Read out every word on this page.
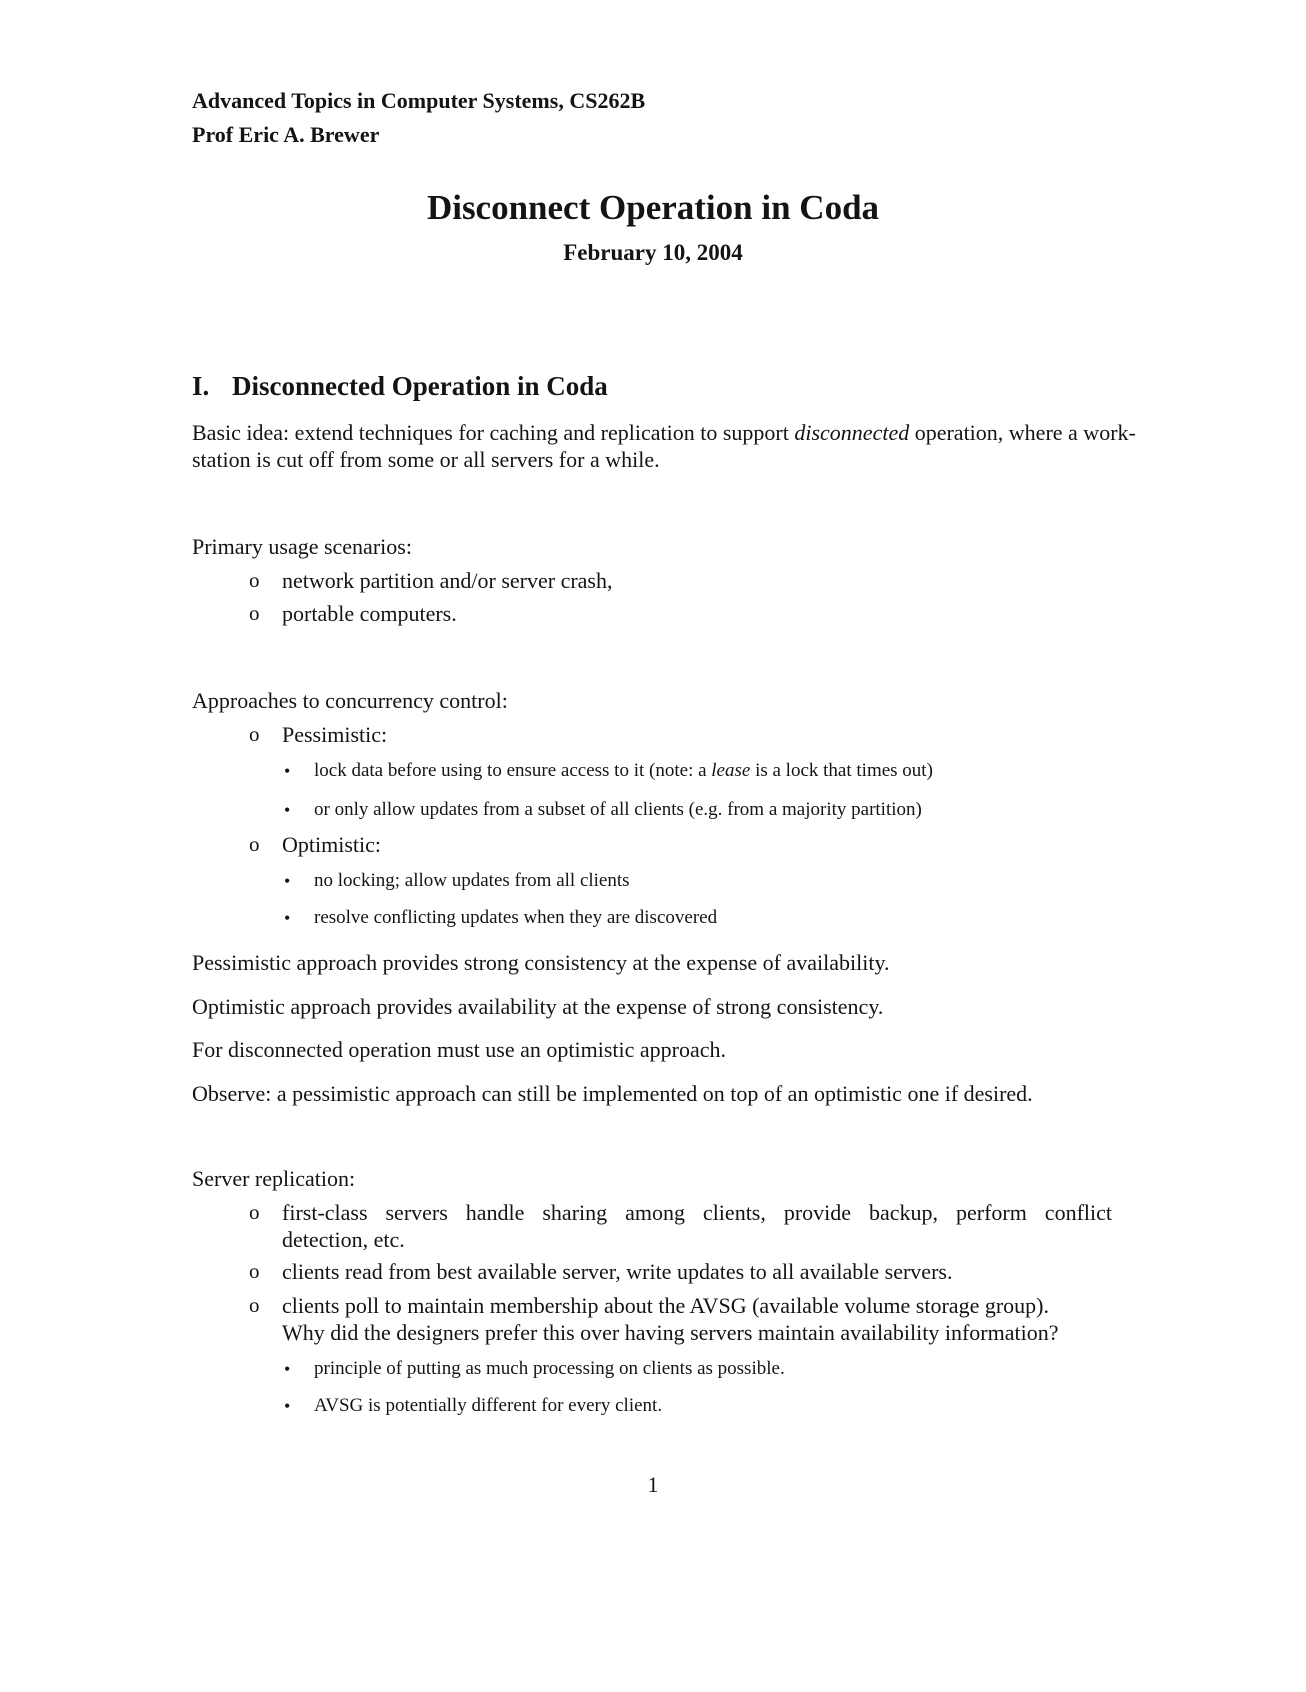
Advanced Topics in Computer Systems, CS262B
Prof Eric A. Brewer
Disconnect Operation in Coda
February 10, 2004
I. Disconnected Operation in Coda
Basic idea: extend techniques for caching and replication to support disconnected operation, where a work-
station is cut off from some or all servers for a while.
Primary usage scenarios:
o network partition and/or server crash,
o portable computers.
Approaches to concurrency control:
o Pessimistic:
• lock data before using to ensure access to it (note: a lease is a lock that times out)
• or only allow updates from a subset of all clients (e.g. from a majority partition)
o Optimistic:
• no locking; allow updates from all clients
• resolve conflicting updates when they are discovered
Pessimistic approach provides strong consistency at the expense of availability.
Optimistic approach provides availability at the expense of strong consistency.
For disconnected operation must use an optimistic approach.
Observe: a pessimistic approach can still be implemented on top of an optimistic one if desired.
Server replication:
o first-class servers handle sharing among clients, provide backup, perform conflict
detection, etc.
o clients read from best available server, write updates to all available servers.
o clients poll to maintain membership about the AVSG (available volume storage group).
Why did the designers prefer this over having servers maintain availability information?
• principle of putting as much processing on clients as possible.
• AVSG is potentially different for every client.
1
